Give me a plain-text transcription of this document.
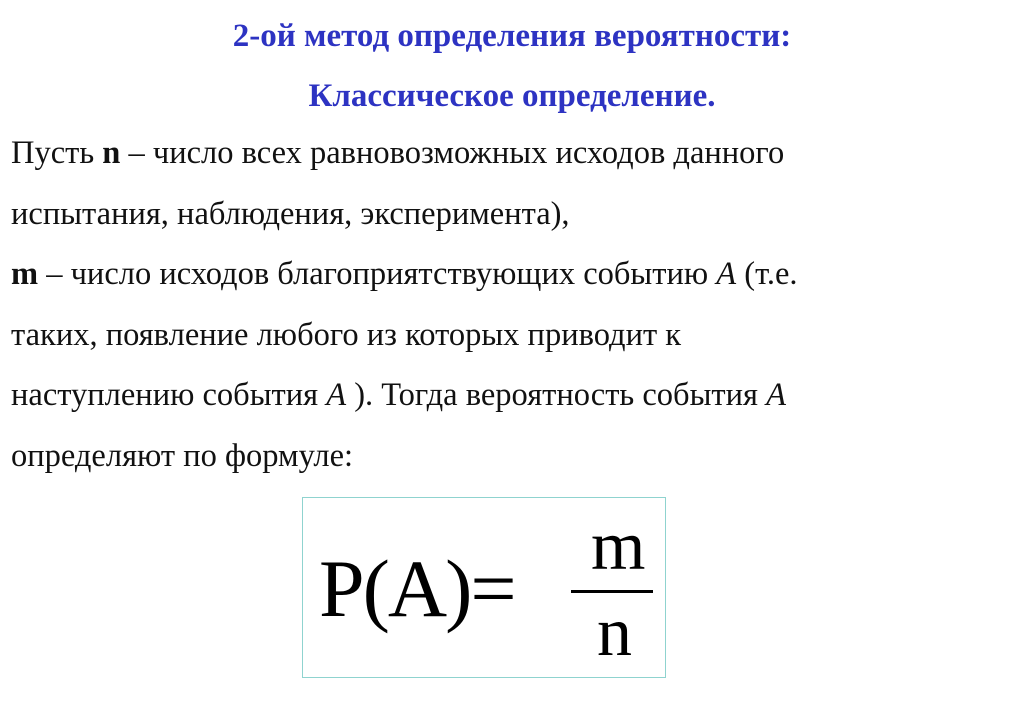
2-ой метод определения вероятности:
Классическое определение.
Пусть n – число всех равновозможных исходов данного
испытания, наблюдения, эксперимента),
m – число исходов благоприятствующих событию А (т.е.
таких, появление любого из которых приводит к
наступлению события А ). Тогда вероятность события А
определяют по формуле:
P(A)= m
n
